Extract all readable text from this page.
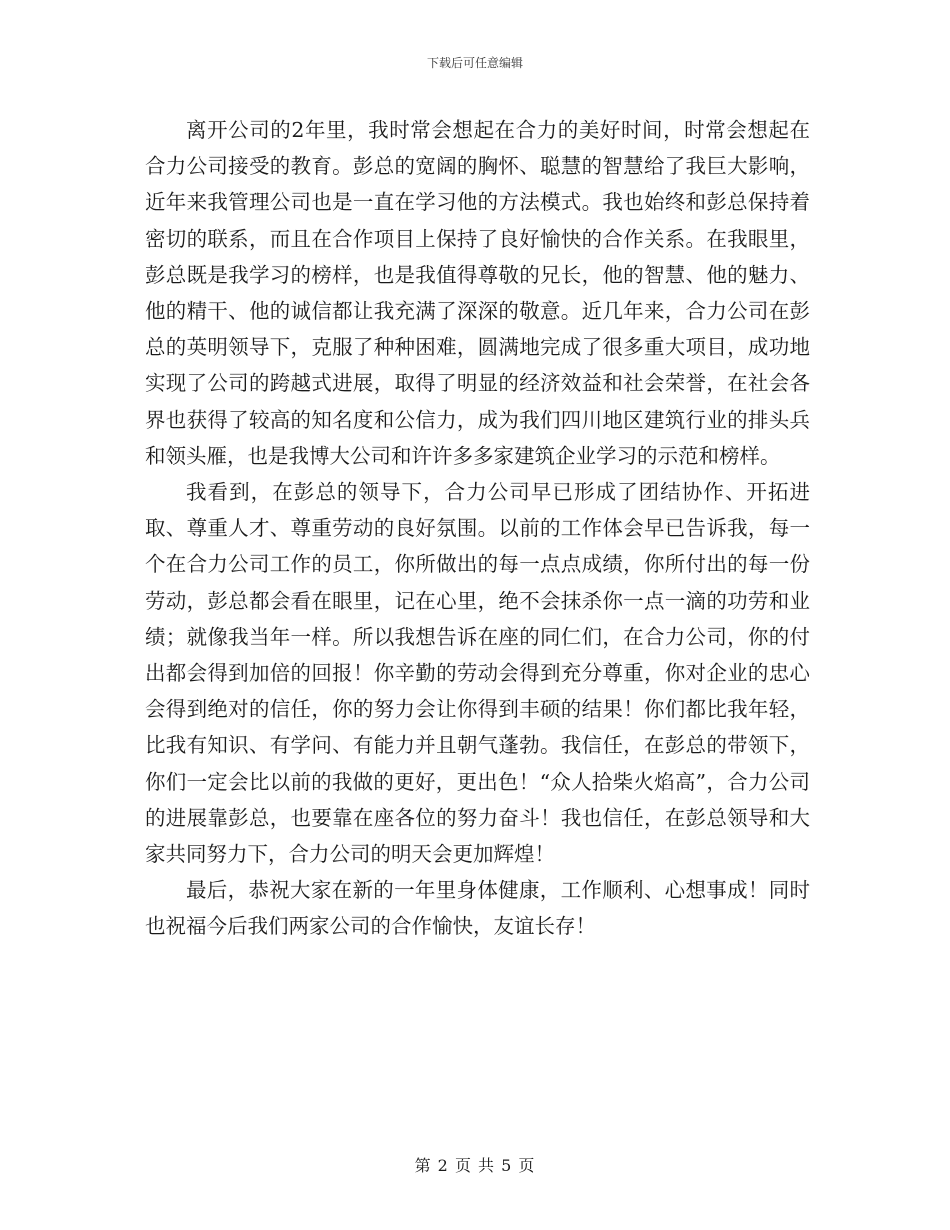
下载后可任意编辑

离开公司的2年里，我时常会想起在合力的美好时间，时常会想起在合力公司接受的教育。彭总的宽阔的胸怀、聪慧的智慧给了我巨大影响，近年来我管理公司也是一直在学习他的方法模式。我也始终和彭总保持着密切的联系，而且在合作项目上保持了良好愉快的合作关系。在我眼里，彭总既是我学习的榜样，也是我值得尊敬的兄长，他的智慧、他的魅力、他的精干、他的诚信都让我充满了深深的敬意。近几年来，合力公司在彭总的英明领导下，克服了种种困难，圆满地完成了很多重大项目，成功地实现了公司的跨越式进展，取得了明显的经济效益和社会荣誉，在社会各界也获得了较高的知名度和公信力，成为我们四川地区建筑行业的排头兵和领头雁，也是我博大公司和许许多多家建筑企业学习的示范和榜样。

我看到，在彭总的领导下，合力公司早已形成了团结协作、开拓进取、尊重人才、尊重劳动的良好氛围。以前的工作体会早已告诉我，每一个在合力公司工作的员工，你所做出的每一点点成绩，你所付出的每一份劳动，彭总都会看在眼里，记在心里，绝不会抹杀你一点一滴的功劳和业绩；就像我当年一样。所以我想告诉在座的同仁们，在合力公司，你的付出都会得到加倍的回报！你辛勤的劳动会得到充分尊重，你对企业的忠心会得到绝对的信任，你的努力会让你得到丰硕的结果！你们都比我年轻，比我有知识、有学问、有能力并且朝气蓬勃。我信任，在彭总的带领下，你们一定会比以前的我做的更好，更出色！“众人拾柴火焰高”，合力公司的进展靠彭总，也要靠在座各位的努力奋斗！我也信任，在彭总领导和大家共同努力下，合力公司的明天会更加辉煌！

最后，恭祝大家在新的一年里身体健康，工作顺利、心想事成！同时也祝福今后我们两家公司的合作愉快，友谊长存！

第 2 页 共 5 页
